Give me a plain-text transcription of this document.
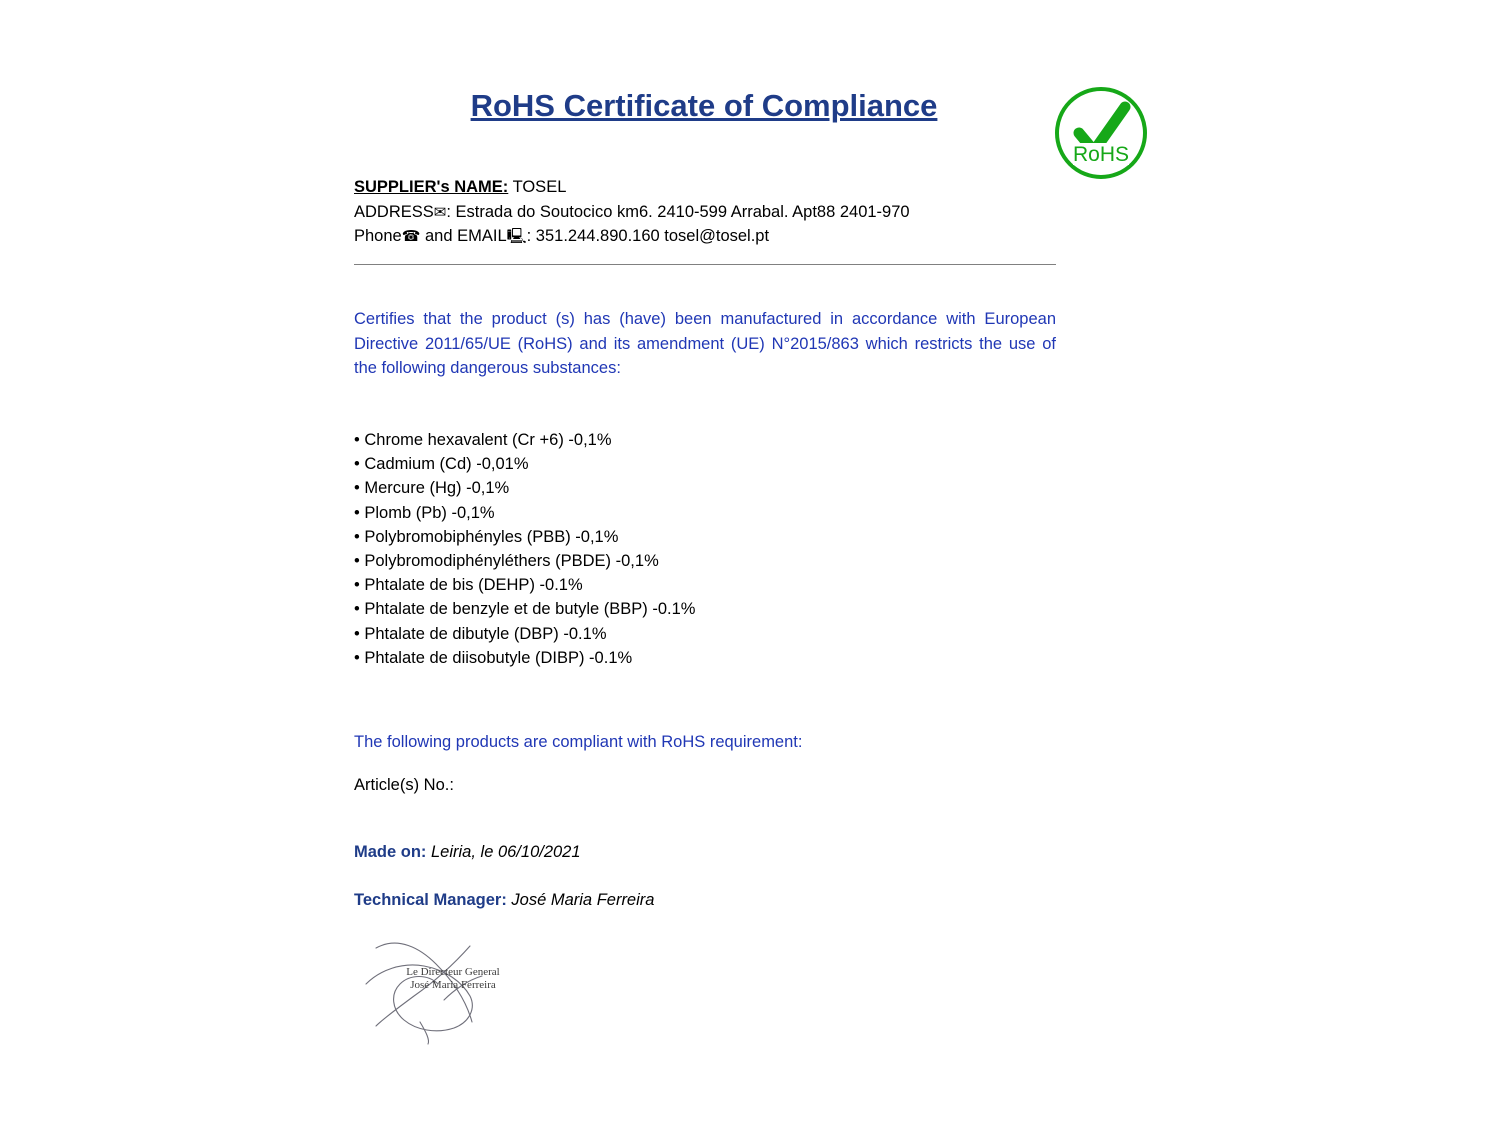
RoHS Certificate of Compliance
RoHS
SUPPLIER's NAME: TOSEL
ADDRESS✉: Estrada do Soutocico km6. 2410-599 Arrabal. Apt88 2401-970
Phone☎ and EMAIL🖳: 351.244.890.160 tosel@tosel.pt
Certifies that the product (s) has (have) been manufactured in accordance with European Directive 2011/65/UE (RoHS) and its amendment (UE) N°2015/863 which restricts the use of the following dangerous substances:
• Chrome hexavalent (Cr +6) -0,1%
• Cadmium (Cd) -0,01%
• Mercure (Hg) -0,1%
• Plomb (Pb) -0,1%
• Polybromobiphényles (PBB) -0,1%
• Polybromodiphényléthers (PBDE) -0,1%
• Phtalate de bis (DEHP) -0.1%
• Phtalate de benzyle et de butyle (BBP) -0.1%
• Phtalate de dibutyle (DBP) -0.1%
• Phtalate de diisobutyle (DIBP) -0.1%
The following products are compliant with RoHS requirement:
Article(s) No.:
Made on: Leiria, le 06/10/2021
Technical Manager: José Maria Ferreira
Le Directeur General
José Maria Ferreira
